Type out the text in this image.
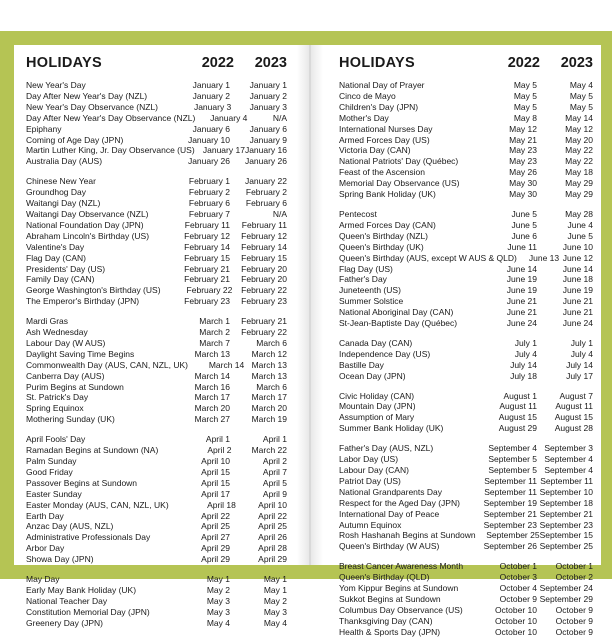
HOLIDAYS	2022	2023
New Year's Day	January 1	January 1
Day After New Year's Day (NZL)	January 2	January 2
New Year's Day Observance (NZL)	January 3	January 3
Day After New Year's Day Observance (NZL)	January 4	N/A
Epiphany	January 6	January 6
Coming of Age Day (JPN)	January 10	January 9
Martin Luther King, Jr. Day Observance (US) January 17 January 16
Australia Day (AUS)	January 26	January 26
Chinese New Year	February 1	January 22
Groundhog Day	February 2	February 2
Waitangi Day (NZL)	February 6	February 6
Waitangi Day Observance (NZL)	February 7	N/A
National Foundation Day (JPN)	February 11	February 11
Abraham Lincoln's Birthday (US)	February 12	February 12
Valentine's Day	February 14	February 14
Flag Day (CAN)	February 15	February 15
Presidents' Day (US)	February 21	February 20
Family Day (CAN)	February 21	February 20
George Washington's Birthday (US)	February 22	February 22
The Emperor's Birthday (JPN)	February 23	February 23
Mardi Gras	March 1	February 21
Ash Wednesday	March 2	February 22
Labour Day (W AUS)	March 7	March 6
Daylight Saving Time Begins	March 13	March 12
Commonwealth Day (AUS, CAN, NZL, UK)	March 14 March 13
Canberra Day (AUS)	March 14	March 13
Purim Begins at Sundown	March 16	March 6
St. Patrick's Day	March 17	March 17
Spring Equinox	March 20	March 20
Mothering Sunday (UK)	March 27	March 19
April Fools' Day	April 1	April 1
Ramadan Begins at Sundown (NA)	April 2	March 22
Palm Sunday	April 10	April 2
Good Friday	April 15	April 7
Passover Begins at Sundown	April 15	April 5
Easter Sunday	April 17	April 9
Easter Monday (AUS, CAN, NZL, UK)	April 18	April 10
Earth Day	April 22	April 22
Anzac Day (AUS, NZL)	April 25	April 25
Administrative Professionals Day	April 27	April 26
Arbor Day	April 29	April 28
Showa Day (JPN)	April 29	April 29
May Day	May 1	May 1
Early May Bank Holiday (UK)	May 2	May 1
National Teacher Day	May 3	May 2
Constitution Memorial Day (JPN)	May 3	May 3
Greenery Day (JPN)	May 4	May 4
HOLIDAYS	2022	2023
National Day of Prayer	May 5	May 4
Cinco de Mayo	May 5	May 5
Children's Day (JPN)	May 5	May 5
Mother's Day	May 8	May 14
International Nurses Day	May 12	May 12
Armed Forces Day (US)	May 21	May 20
Victoria Day (CAN)	May 23	May 22
National Patriots' Day (Québec)	May 23	May 22
Feast of the Ascension	May 26	May 18
Memorial Day Observance (US)	May 30	May 29
Spring Bank Holiday (UK)	May 30	May 29
Pentecost	June 5	May 28
Armed Forces Day (CAN)	June 5	June 4
Queen's Birthday (NZL)	June 6	June 5
Queen's Birthday (UK)	June 11	June 10
Queen's Birthday (AUS, except W AUS & QLD)	June 13 June 12
Flag Day (US)	June 14	June 14
Father's Day	June 19	June 18
Juneteenth (US)	June 19	June 19
Summer Solstice	June 21	June 21
National Aboriginal Day (CAN)	June 21	June 21
St-Jean-Baptiste Day (Québec)	June 24	June 24
Canada Day (CAN)	July 1	July 1
Independence Day (US)	July 4	July 4
Bastille Day	July 14	July 14
Ocean Day (JPN)	July 18	July 17
Civic Holiday (CAN)	August 1	August 7
Mountain Day (JPN)	August 11	August 11
Assumption of Mary	August 15	August 15
Summer Bank Holiday (UK)	August 29	August 28
Father's Day (AUS, NZL)	September 4 September 3
Labor Day (US)	September 5 September 4
Labour Day (CAN)	September 5 September 4
Patriot Day (US)	September 11 September 11
National Grandparents Day	September 11 September 10
Respect for the Aged Day (JPN)	September 19 September 18
International Day of Peace	September 21 September 21
Autumn Equinox	September 23 September 23
Rosh Hashanah Begins at Sundown	September 25 September 15
Queen's Birthday (W AUS)	September 26 September 25
Breast Cancer Awareness Month	October 1	October 1
Queen's Birthday (QLD)	October 3	October 2
Yom Kippur Begins at Sundown	October 4 September 24
Sukkot Begins at Sundown	October 9 September 29
Columbus Day Observance (US)	October 10	October 9
Thanksgiving Day (CAN)	October 10	October 9
Health & Sports Day (JPN)	October 10	October 9
